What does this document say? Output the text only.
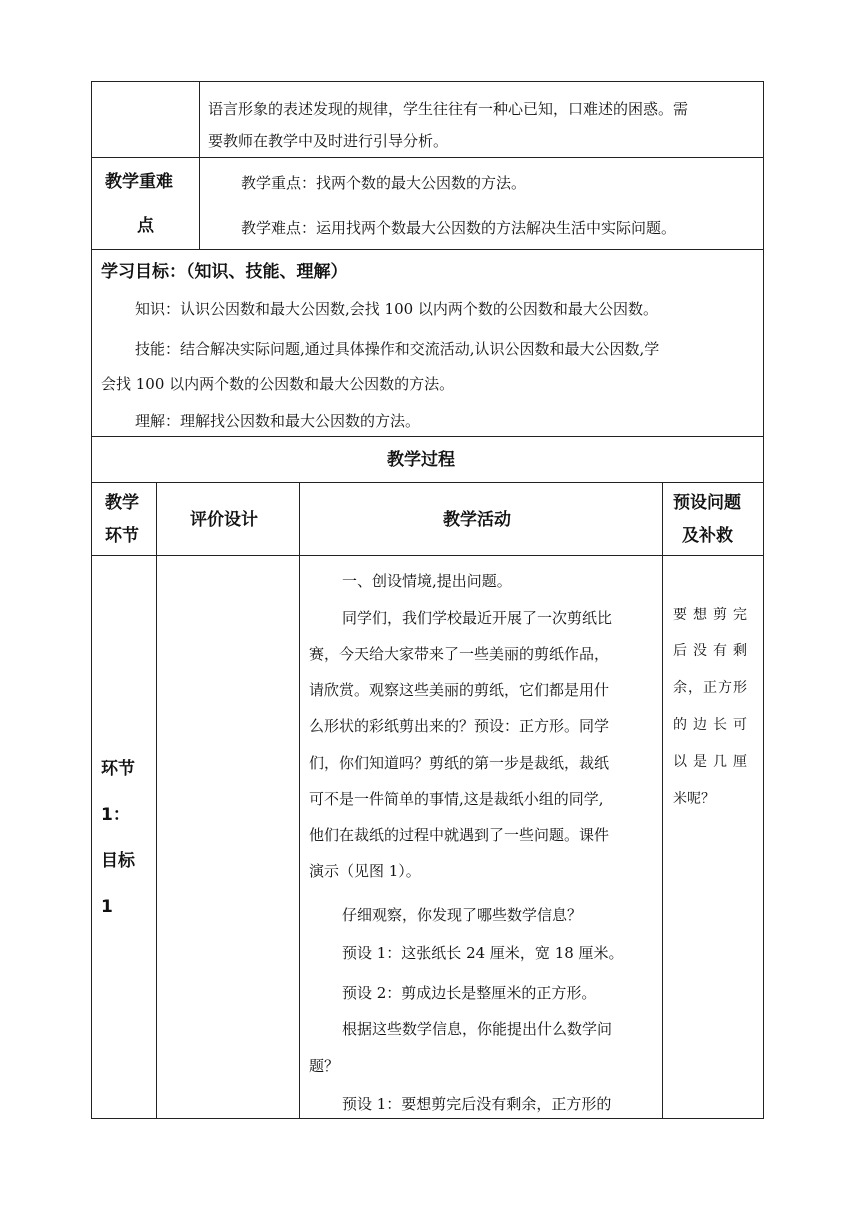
语言形象的表述发现的规律，学生往往有一种心已知，口难述的困惑。需
要教师在教学中及时进行引导分析。
教学重难
点
教学重点：找两个数的最大公因数的方法。
教学难点：运用找两个数最大公因数的方法解决生活中实际问题。
学习目标：（知识、技能、理解）
知识：认识公因数和最大公因数,会找 100 以内两个数的公因数和最大公因数。
技能：结合解决实际问题,通过具体操作和交流活动,认识公因数和最大公因数,学
会找 100 以内两个数的公因数和最大公因数的方法。
理解：理解找公因数和最大公因数的方法。
教学过程
教学
环节
评价设计	教学活动
预设问题
及补救
环节
1：
目标
1
一、创设情境,提出问题。
同学们，我们学校最近开展了一次剪纸比
赛，今天给大家带来了一些美丽的剪纸作品，
请欣赏。观察这些美丽的剪纸，它们都是用什
么形状的彩纸剪出来的？预设：正方形。同学
们，你们知道吗？剪纸的第一步是裁纸，裁纸
可不是一件简单的事情,这是裁纸小组的同学,
他们在裁纸的过程中就遇到了一些问题。课件
演示（见图 1）。
仔细观察，你发现了哪些数学信息？
预设 1：这张纸长 24 厘米，宽 18 厘米。
预设 2：剪成边长是整厘米的正方形。
根据这些数学信息，你能提出什么数学问
题？
预设 1：要想剪完后没有剩余，正方形的
要想剪完
后没有剩
余，正方形
的边长可
以是几厘
米呢？
